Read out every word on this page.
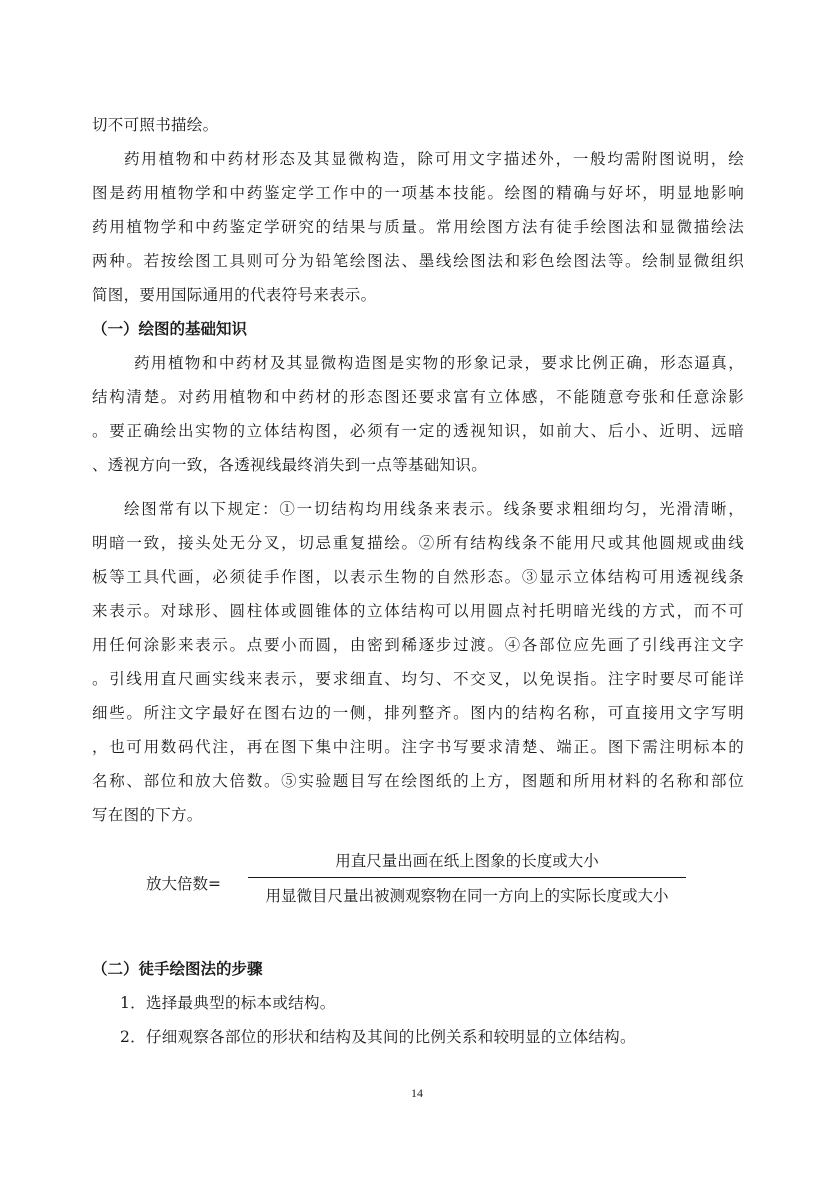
切不可照书描绘。
药用植物和中药材形态及其显微构造，除可用文字描述外，一般均需附图说明，绘
图是药用植物学和中药鉴定学工作中的一项基本技能。绘图的精确与好坏，明显地影响
药用植物学和中药鉴定学研究的结果与质量。常用绘图方法有徒手绘图法和显微描绘法
两种。若按绘图工具则可分为铅笔绘图法、墨线绘图法和彩色绘图法等。绘制显微组织
简图，要用国际通用的代表符号来表示。
（一）绘图的基础知识
药用植物和中药材及其显微构造图是实物的形象记录，要求比例正确，形态逼真，
结构清楚。对药用植物和中药材的形态图还要求富有立体感，不能随意夸张和任意涂影
。要正确绘出实物的立体结构图，必须有一定的透视知识，如前大、后小、近明、远暗
、透视方向一致，各透视线最终消失到一点等基础知识。
绘图常有以下规定：①一切结构均用线条来表示。线条要求粗细均匀，光滑清晰，
明暗一致，接头处无分叉，切忌重复描绘。②所有结构线条不能用尺或其他圆规或曲线
板等工具代画，必须徒手作图，以表示生物的自然形态。③显示立体结构可用透视线条
来表示。对球形、圆柱体或圆锥体的立体结构可以用圆点衬托明暗光线的方式，而不可
用任何涂影来表示。点要小而圆，由密到稀逐步过渡。④各部位应先画了引线再注文字
。引线用直尺画实线来表示，要求细直、均匀、不交叉，以免误指。注字时要尽可能详
细些。所注文字最好在图右边的一侧，排列整齐。图内的结构名称，可直接用文字写明
，也可用数码代注，再在图下集中注明。注字书写要求清楚、端正。图下需注明标本的
名称、部位和放大倍数。⑤实验题目写在绘图纸的上方，图题和所用材料的名称和部位
写在图的下方。
放大倍数=
用直尺量出画在纸上图象的长度或大小
用显微目尺量出被测观察物在同一方向上的实际长度或大小
（二）徒手绘图法的步骤
1．选择最典型的标本或结构。
2．仔细观察各部位的形状和结构及其间的比例关系和较明显的立体结构。
14
